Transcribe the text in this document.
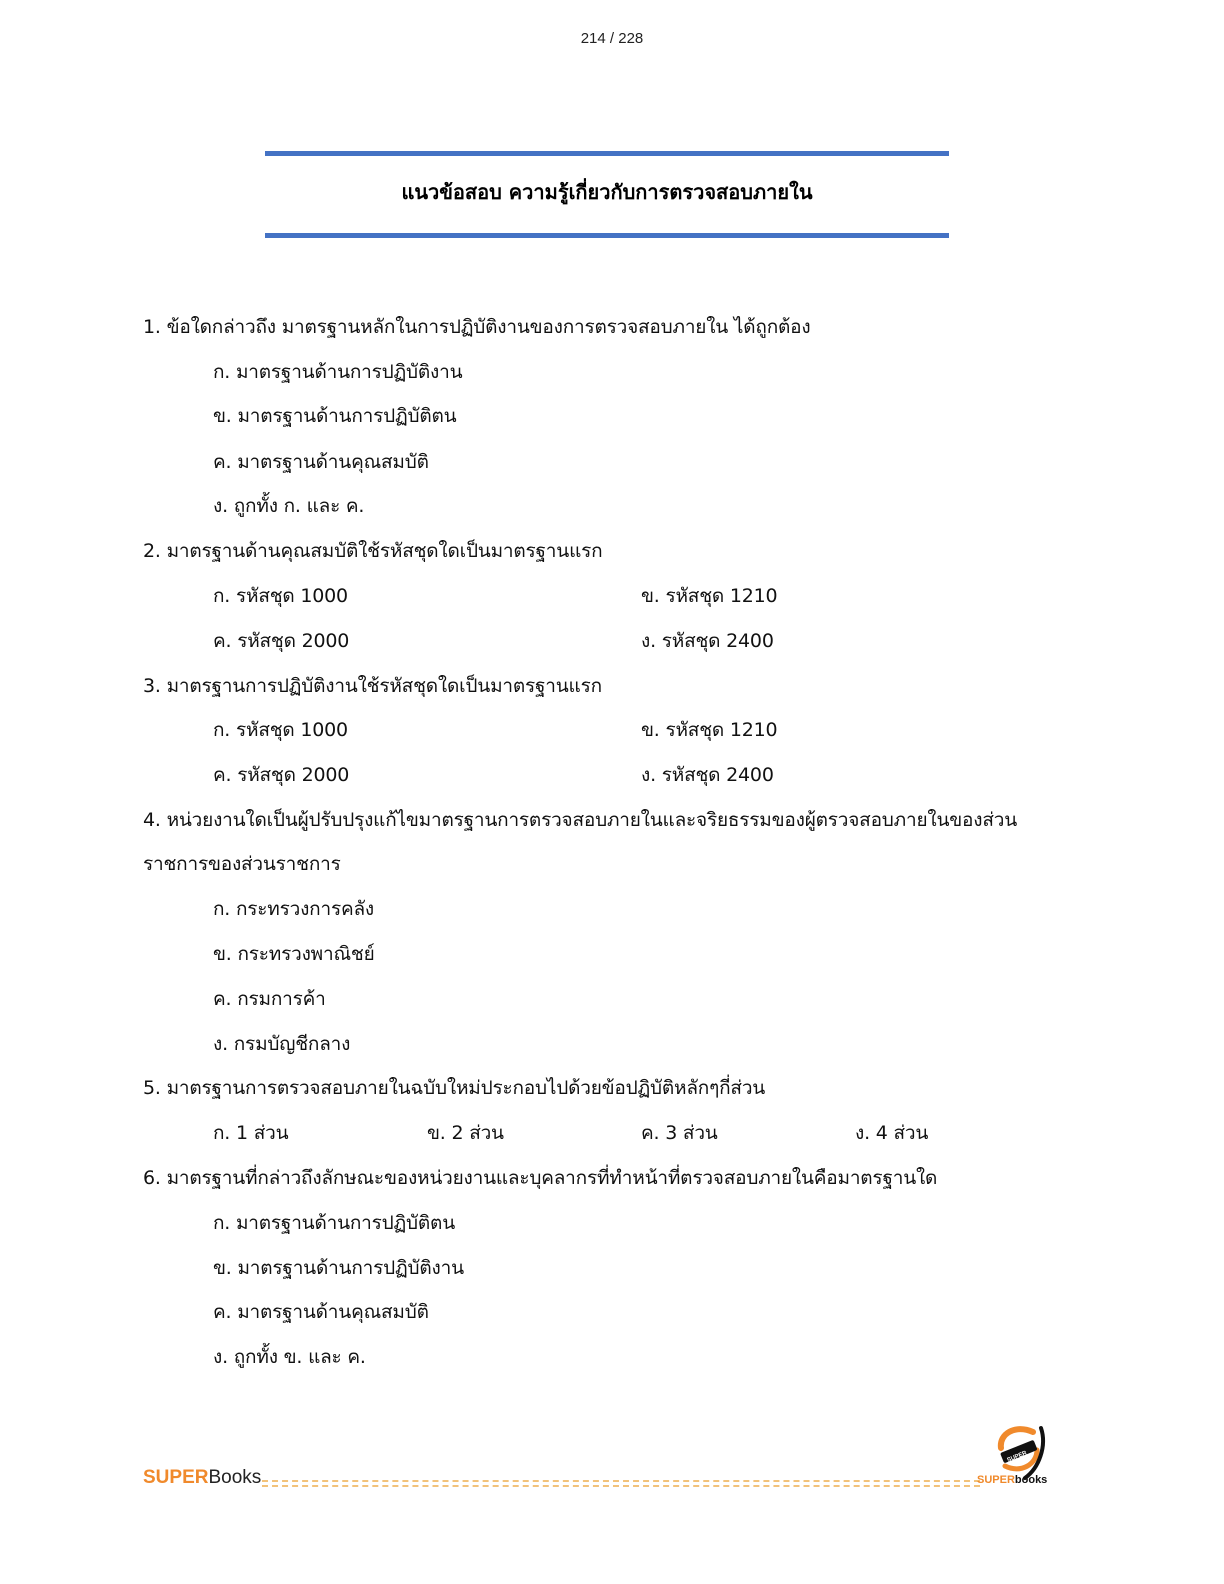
214 / 228
แนวข้อสอบ ความรู้เกี่ยวกับการตรวจสอบภายใน
1. ข้อใดกล่าวถึง มาตรฐานหลักในการปฏิบัติงานของการตรวจสอบภายใน ได้ถูกต้อง
ก. มาตรฐานด้านการปฏิบัติงาน
ข. มาตรฐานด้านการปฏิบัติตน
ค. มาตรฐานด้านคุณสมบัติ
ง. ถูกทั้ง ก. และ ค.
2. มาตรฐานด้านคุณสมบัติใช้รหัสชุดใดเป็นมาตรฐานแรก
ก. รหัสชุด 1000	ข. รหัสชุด 1210
ค. รหัสชุด 2000	ง. รหัสชุด 2400
3. มาตรฐานการปฏิบัติงานใช้รหัสชุดใดเป็นมาตรฐานแรก
ก. รหัสชุด 1000	ข. รหัสชุด 1210
ค. รหัสชุด 2000	ง. รหัสชุด 2400
4. หน่วยงานใดเป็นผู้ปรับปรุงแก้ไขมาตรฐานการตรวจสอบภายในและจริยธรรมของผู้ตรวจสอบภายในของส่วน
ราชการของส่วนราชการ
ก. กระทรวงการคลัง
ข. กระทรวงพาณิชย์
ค. กรมการค้า
ง. กรมบัญชีกลาง
5. มาตรฐานการตรวจสอบภายในฉบับใหม่ประกอบไปด้วยข้อปฏิบัติหลักๆกี่ส่วน
ก. 1 ส่วน	ข. 2 ส่วน	ค. 3 ส่วน	ง. 4 ส่วน
6. มาตรฐานที่กล่าวถึงลักษณะของหน่วยงานและบุคลากรที่ทำหน้าที่ตรวจสอบภายในคือมาตรฐานใด
ก. มาตรฐานด้านการปฏิบัติตน
ข. มาตรฐานด้านการปฏิบัติงาน
ค. มาตรฐานด้านคุณสมบัติ
ง. ถูกทั้ง ข. และ ค.
SUPERBooks
SUPER
SUPERbooks
